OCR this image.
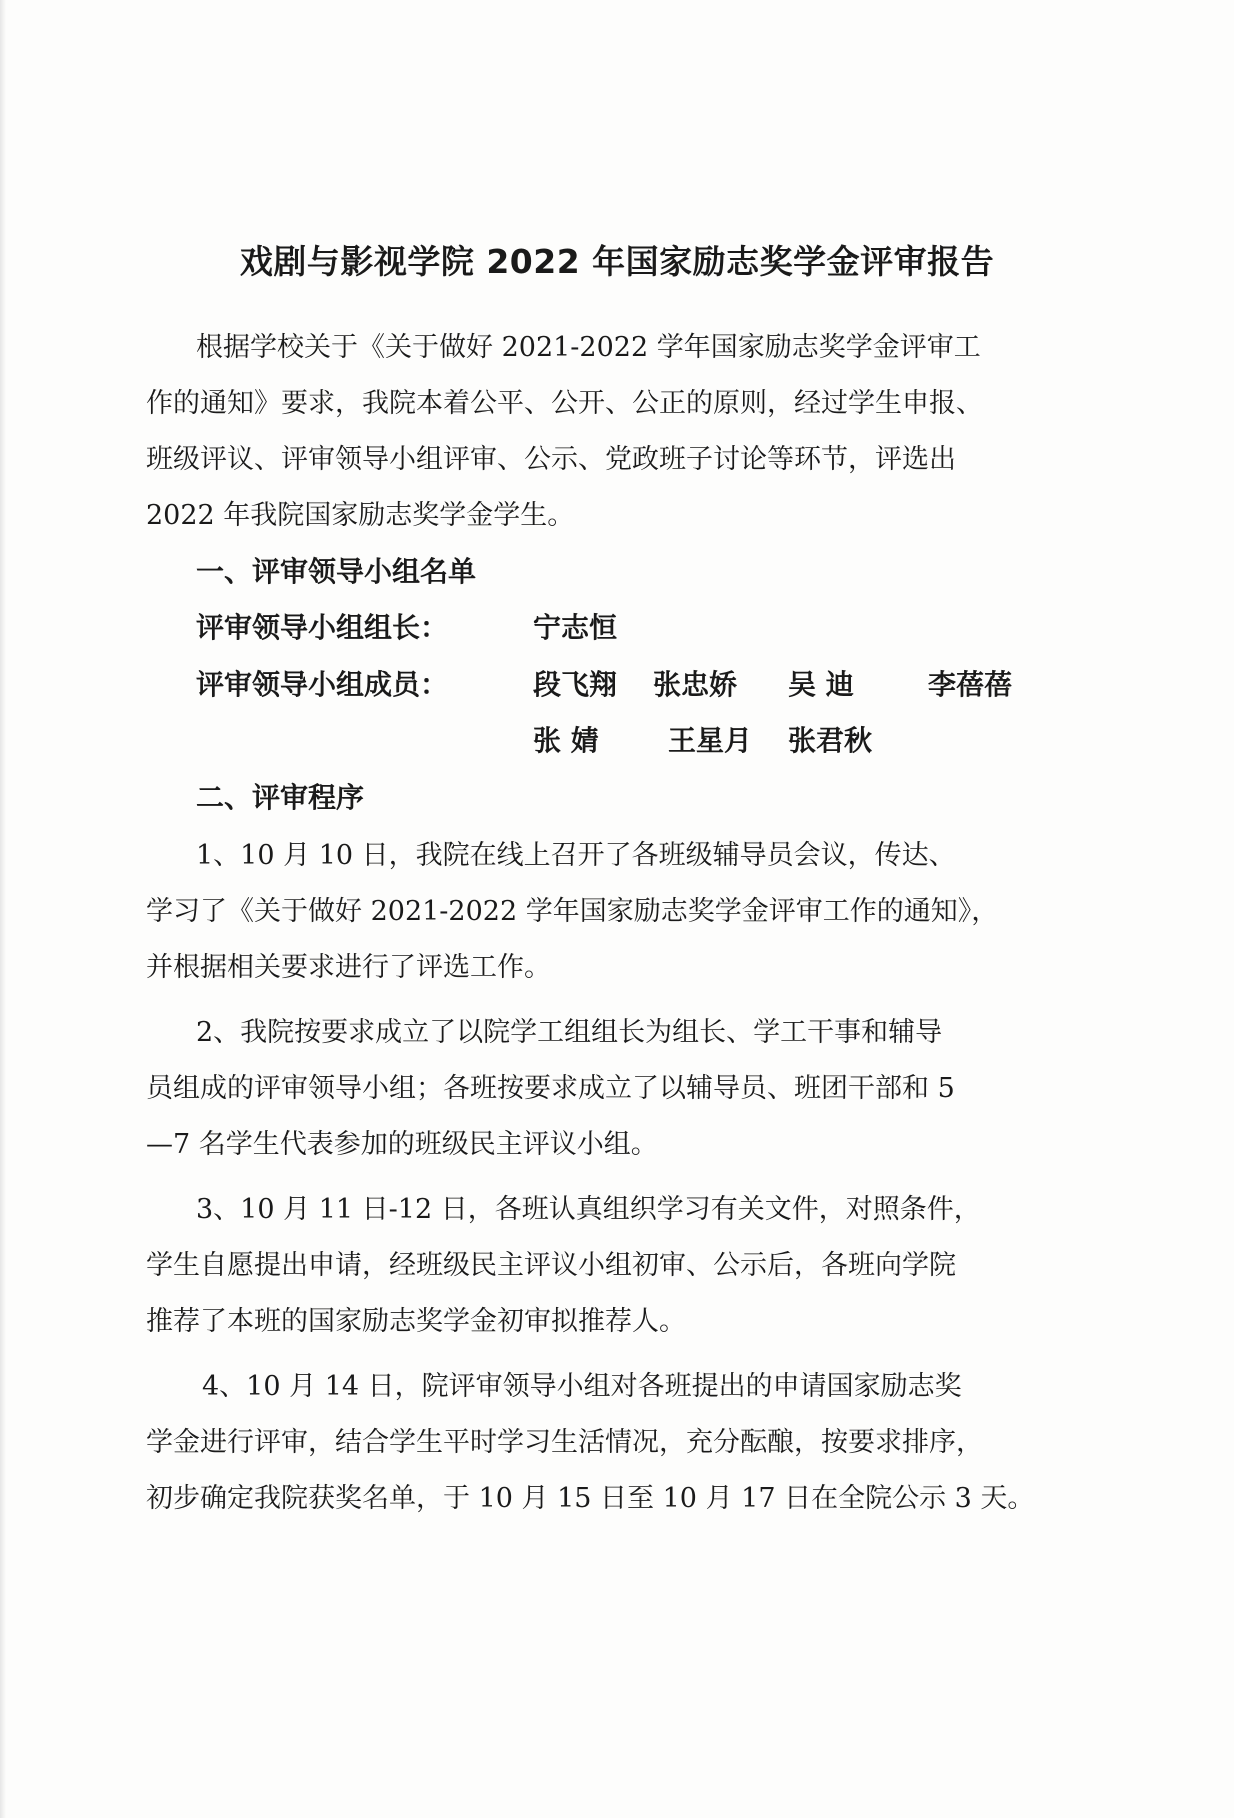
戏剧与影视学院 2022 年国家励志奖学金评审报告
根据学校关于《关于做好 2021-2022 学年国家励志奖学金评审工
作的通知》要求，我院本着公平、公开、公正的原则，经过学生申报、
班级评议、评审领导小组评审、公示、党政班子讨论等环节，评选出
2022 年我院国家励志奖学金学生。
一、评审领导小组名单
评审领导小组组长：	宁志恒
评审领导小组成员：	段飞翔 张忠娇 吴 迪	李蓓蓓
张 婧 王星月 张君秋
二、评审程序
1、10 月 10 日，我院在线上召开了各班级辅导员会议，传达、
学习了《关于做好 2021-2022 学年国家励志奖学金评审工作的通知》，
并根据相关要求进行了评选工作。
2、我院按要求成立了以院学工组组长为组长、学工干事和辅导
员组成的评审领导小组；各班按要求成立了以辅导员、班团干部和 5
—7 名学生代表参加的班级民主评议小组。
3、10 月 11 日-12 日，各班认真组织学习有关文件，对照条件，
学生自愿提出申请，经班级民主评议小组初审、公示后，各班向学院
推荐了本班的国家励志奖学金初审拟推荐人。
4、10 月 14 日，院评审领导小组对各班提出的申请国家励志奖
学金进行评审，结合学生平时学习生活情况，充分酝酿，按要求排序，
初步确定我院获奖名单，于 10 月 15 日至 10 月 17 日在全院公示 3 天。
